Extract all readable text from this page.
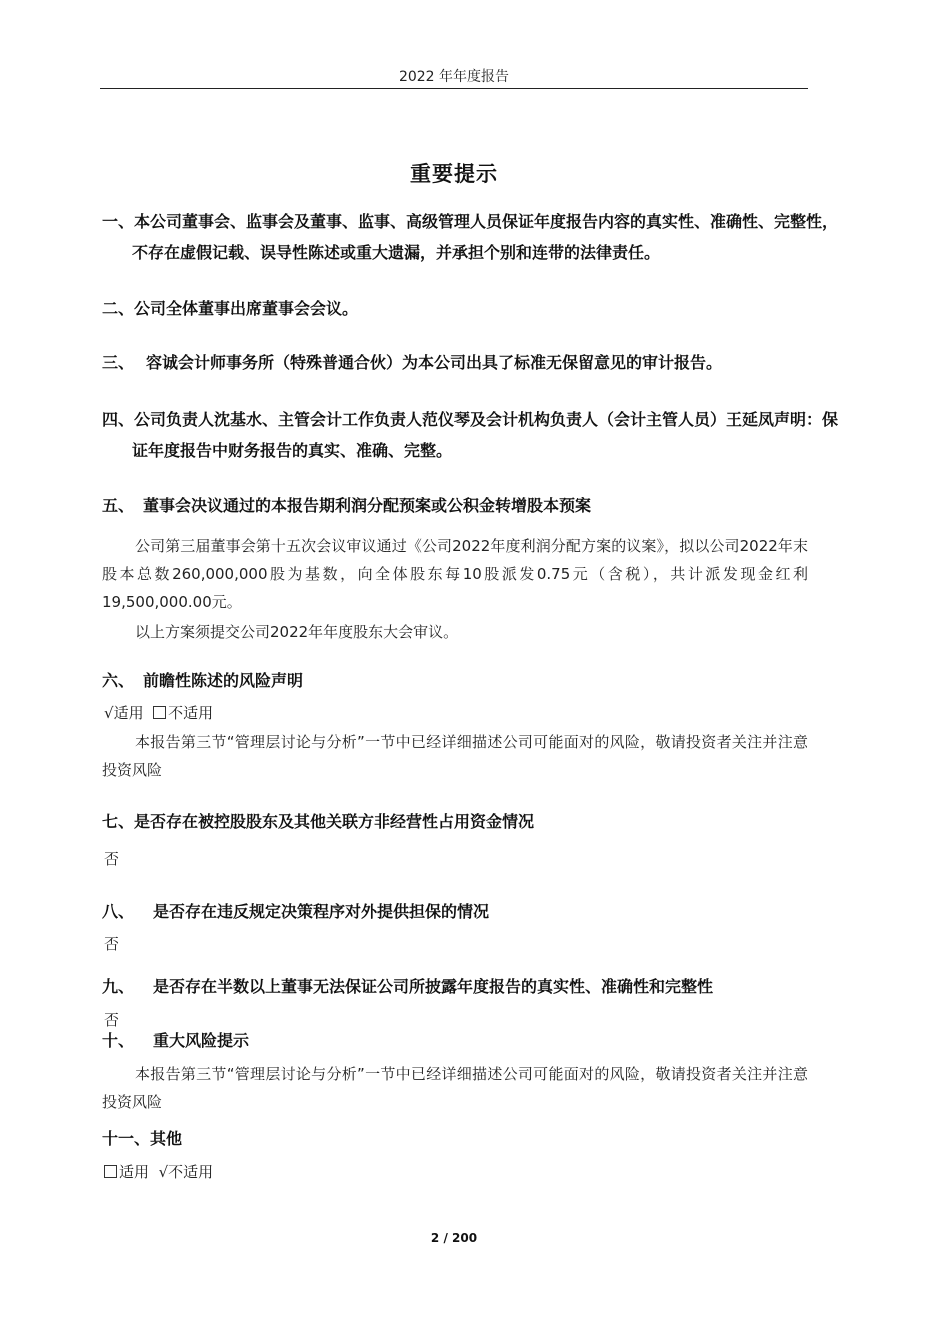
2022 年年度报告
重要提示
一、本公司董事会、监事会及董事、监事、高级管理人员保证年度报告内容的真实性、准确性、完整性，不存在虚假记载、误导性陈述或重大遗漏，并承担个别和连带的法律责任。
二、公司全体董事出席董事会会议。
三、 容诚会计师事务所（特殊普通合伙）为本公司出具了标准无保留意见的审计报告。
四、公司负责人沈基水、主管会计工作负责人范仪琴及会计机构负责人（会计主管人员）王延凤声明：保证年度报告中财务报告的真实、准确、完整。
五、 董事会决议通过的本报告期利润分配预案或公积金转增股本预案
公司第三届董事会第十五次会议审议通过《公司2022年度利润分配方案的议案》，拟以公司2022年末股本总数260,000,000股为基数，向全体股东每10股派发0.75元（含税），共计派发现金红利19,500,000.00元。
以上方案须提交公司2022年年度股东大会审议。
六、 前瞻性陈述的风险声明
√适用 不适用
本报告第三节“管理层讨论与分析”一节中已经详细描述公司可能面对的风险，敬请投资者关注并注意投资风险
七、是否存在被控股股东及其他关联方非经营性占用资金情况
否
八、 是否存在违反规定决策程序对外提供担保的情况
否
九、 是否存在半数以上董事无法保证公司所披露年度报告的真实性、准确性和完整性
否
十、 重大风险提示
本报告第三节“管理层讨论与分析”一节中已经详细描述公司可能面对的风险，敬请投资者关注并注意投资风险
十一、其他
适用 √不适用
2 / 200
